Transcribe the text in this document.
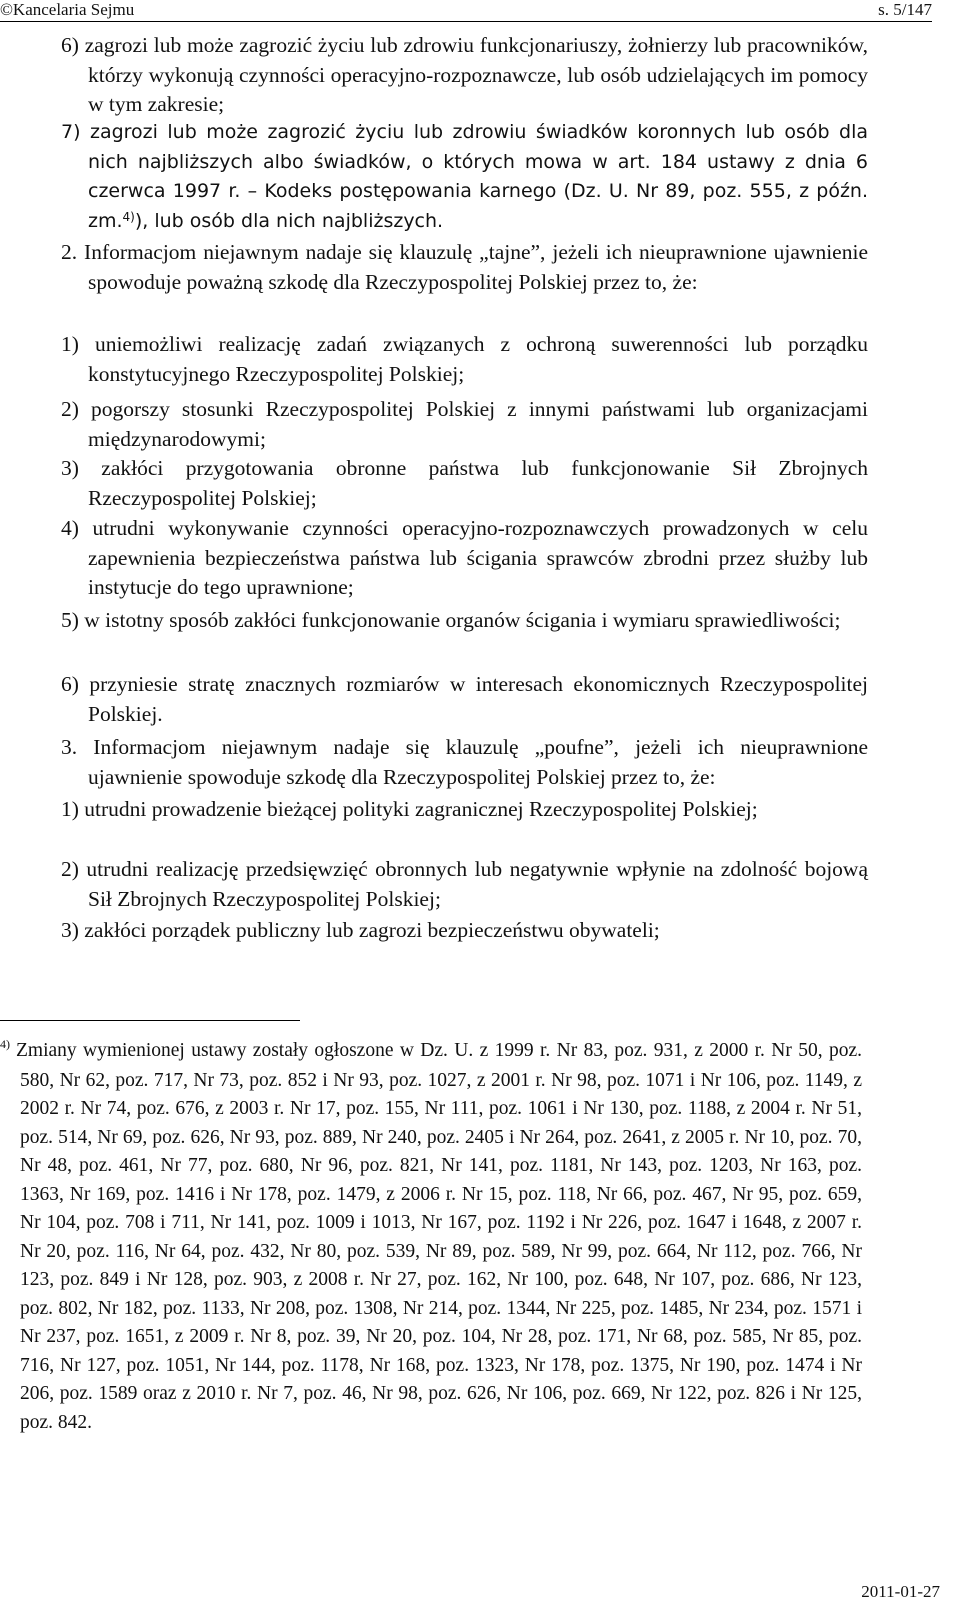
©Kancelaria Sejmu	s. 5/147

6) zagrozi lub może zagrozić życiu lub zdrowiu funkcjonariuszy, żołnierzy lub pracowników, którzy wykonują czynności operacyjno-rozpoznawcze, lub osób udzielających im pomocy w tym zakresie;

7) zagrozi lub może zagrozić życiu lub zdrowiu świadków koronnych lub osób dla nich najbliższych albo świadków, o których mowa w art. 184 ustawy z dnia 6 czerwca 1997 r. – Kodeks postępowania karnego (Dz. U. Nr 89, poz. 555, z późn. zm.$^{4)}$), lub osób dla nich najbliższych.

2. Informacjom niejawnym nadaje się klauzulę „tajne”, jeżeli ich nieuprawnione ujawnienie spowoduje poważną szkodę dla Rzeczypospolitej Polskiej przez to, że:

1) uniemożliwi realizację zadań związanych z ochroną suwerenności lub porządku konstytucyjnego Rzeczypospolitej Polskiej;

2) pogorszy stosunki Rzeczypospolitej Polskiej z innymi państwami lub organizacjami międzynarodowymi;

3) zakłóci przygotowania obronne państwa lub funkcjonowanie Sił Zbrojnych Rzeczypospolitej Polskiej;

4) utrudni wykonywanie czynności operacyjno-rozpoznawczych prowadzonych w celu zapewnienia bezpieczeństwa państwa lub ścigania sprawców zbrodni przez służby lub instytucje do tego uprawnione;

5) w istotny sposób zakłóci funkcjonowanie organów ścigania i wymiaru sprawiedliwości;

6) przyniesie stratę znacznych rozmiarów w interesach ekonomicznych Rzeczypospolitej Polskiej.

3. Informacjom niejawnym nadaje się klauzulę „poufne”, jeżeli ich nieuprawnione ujawnienie spowoduje szkodę dla Rzeczypospolitej Polskiej przez to, że:

1) utrudni prowadzenie bieżącej polityki zagranicznej Rzeczypospolitej Polskiej;

2) utrudni realizację przedsięwzięć obronnych lub negatywnie wpłynie na zdolność bojową Sił Zbrojnych Rzeczypospolitej Polskiej;

3) zakłóci porządek publiczny lub zagrozi bezpieczeństwu obywateli;

$^{4)}$ Zmiany wymienionej ustawy zostały ogłoszone w Dz. U. z 1999 r. Nr 83, poz. 931, z 2000 r. Nr 50, poz. 580, Nr 62, poz. 717, Nr 73, poz. 852 i Nr 93, poz. 1027, z 2001 r. Nr 98, poz. 1071 i Nr 106, poz. 1149, z 2002 r. Nr 74, poz. 676, z 2003 r. Nr 17, poz. 155, Nr 111, poz. 1061 i Nr 130, poz. 1188, z 2004 r. Nr 51, poz. 514, Nr 69, poz. 626, Nr 93, poz. 889, Nr 240, poz. 2405 i Nr 264, poz. 2641, z 2005 r. Nr 10, poz. 70, Nr 48, poz. 461, Nr 77, poz. 680, Nr 96, poz. 821, Nr 141, poz. 1181, Nr 143, poz. 1203, Nr 163, poz. 1363, Nr 169, poz. 1416 i Nr 178, poz. 1479, z 2006 r. Nr 15, poz. 118, Nr 66, poz. 467, Nr 95, poz. 659, Nr 104, poz. 708 i 711, Nr 141, poz. 1009 i 1013, Nr 167, poz. 1192 i Nr 226, poz. 1647 i 1648, z 2007 r. Nr 20, poz. 116, Nr 64, poz. 432, Nr 80, poz. 539, Nr 89, poz. 589, Nr 99, poz. 664, Nr 112, poz. 766, Nr 123, poz. 849 i Nr 128, poz. 903, z 2008 r. Nr 27, poz. 162, Nr 100, poz. 648, Nr 107, poz. 686, Nr 123, poz. 802, Nr 182, poz. 1133, Nr 208, poz. 1308, Nr 214, poz. 1344, Nr 225, poz. 1485, Nr 234, poz. 1571 i Nr 237, poz. 1651, z 2009 r. Nr 8, poz. 39, Nr 20, poz. 104, Nr 28, poz. 171, Nr 68, poz. 585, Nr 85, poz. 716, Nr 127, poz. 1051, Nr 144, poz. 1178, Nr 168, poz. 1323, Nr 178, poz. 1375, Nr 190, poz. 1474 i Nr 206, poz. 1589 oraz z 2010 r. Nr 7, poz. 46, Nr 98, poz. 626, Nr 106, poz. 669, Nr 122, poz. 826 i Nr 125, poz. 842.
2011-01-27
